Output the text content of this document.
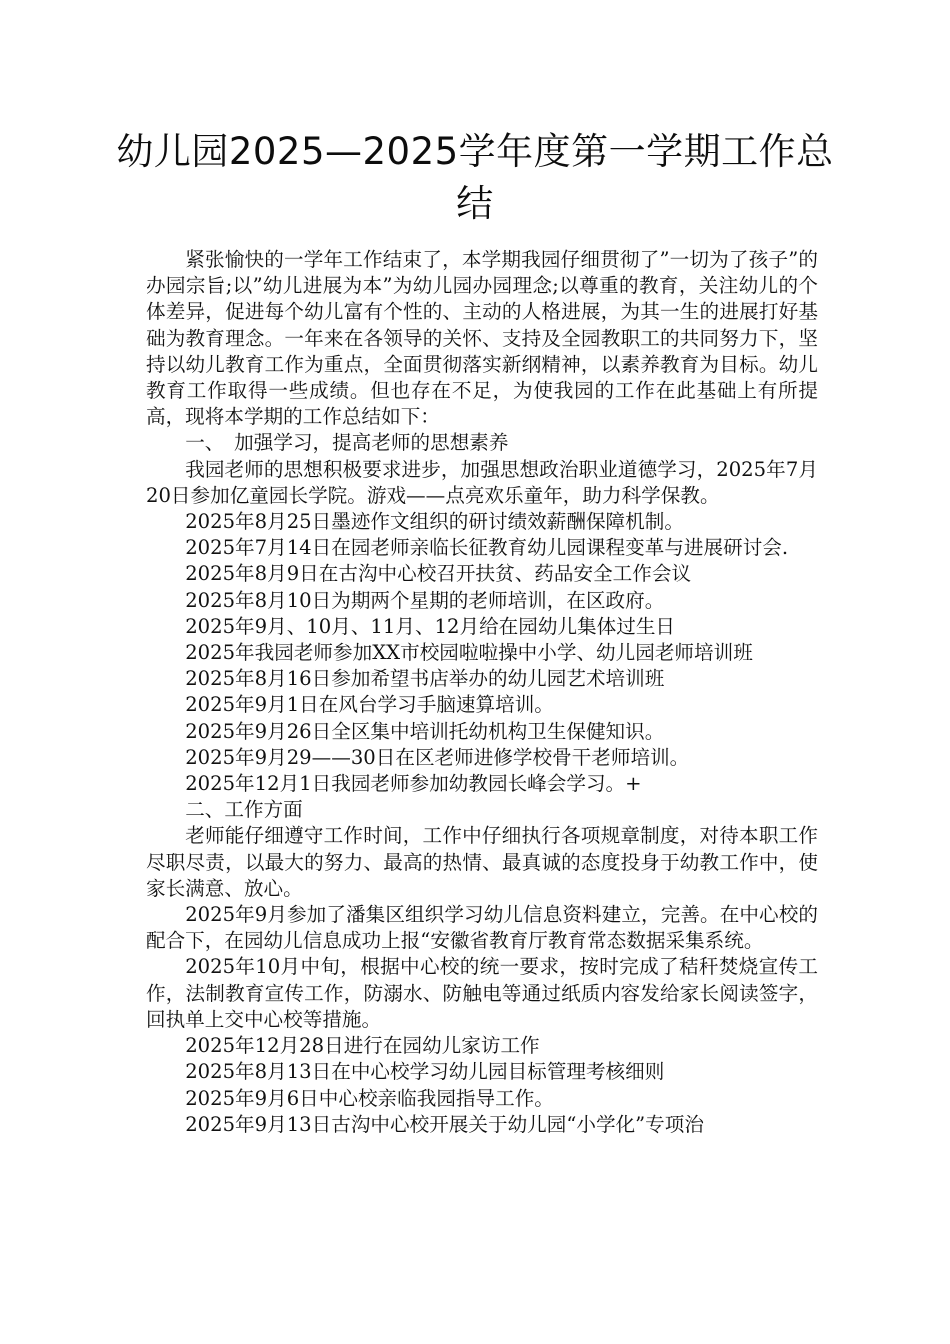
幼儿园2025—2025学年度第一学期工作总结

紧张愉快的一学年工作结束了，本学期我园仔细贯彻了”一切为了孩子”的办园宗旨;以”幼儿进展为本”为幼儿园办园理念;以尊重的教育，关注幼儿的个体差异，促进每个幼儿富有个性的、主动的人格进展，为其一生的进展打好基础为教育理念。一年来在各领导的关怀、支持及全园教职工的共同努力下，坚持以幼儿教育工作为重点，全面贯彻落实新纲精神，以素养教育为目标。幼儿教育工作取得一些成绩。但也存在不足，为使我园的工作在此基础上有所提高，现将本学期的工作总结如下：

一、　加强学习，提高老师的思想素养

我园老师的思想积极要求进步，加强思想政治职业道德学习，2025年7月20日参加亿童园长学院。游戏——点亮欢乐童年，助力科学保教。

2025年8月25日墨迹作文组织的研讨绩效薪酬保障机制。

2025年7月14日在园老师亲临长征教育幼儿园课程变革与进展研讨会.

2025年8月9日在古沟中心校召开扶贫、药品安全工作会议

2025年8月10日为期两个星期的老师培训，在区政府。

2025年9月、10月、11月、12月给在园幼儿集体过生日

2025年我园老师参加XX市校园啦啦操中小学、幼儿园老师培训班

2025年8月16日参加希望书店举办的幼儿园艺术培训班

2025年9月1日在风台学习手脑速算培训。

2025年9月26日全区集中培训托幼机构卫生保健知识。

2025年9月29——30日在区老师进修学校骨干老师培训。

2025年12月1日我园老师参加幼教园长峰会学习。+

二、工作方面

老师能仔细遵守工作时间，工作中仔细执行各项规章制度，对待本职工作尽职尽责，以最大的努力、最高的热情、最真诚的态度投身于幼教工作中，使家长满意、放心。

2025年9月参加了潘集区组织学习幼儿信息资料建立，完善。在中心校的配合下，在园幼儿信息成功上报“安徽省教育厅教育常态数据采集系统。

2025年10月中旬，根据中心校的统一要求，按时完成了秸秆焚烧宣传工作，法制教育宣传工作，防溺水、防触电等通过纸质内容发给家长阅读签字，回执单上交中心校等措施。

2025年12月28日进行在园幼儿家访工作

2025年8月13日在中心校学习幼儿园目标管理考核细则

2025年9月6日中心校亲临我园指导工作。

2025年9月13日古沟中心校开展关于幼儿园“小学化”专项治
